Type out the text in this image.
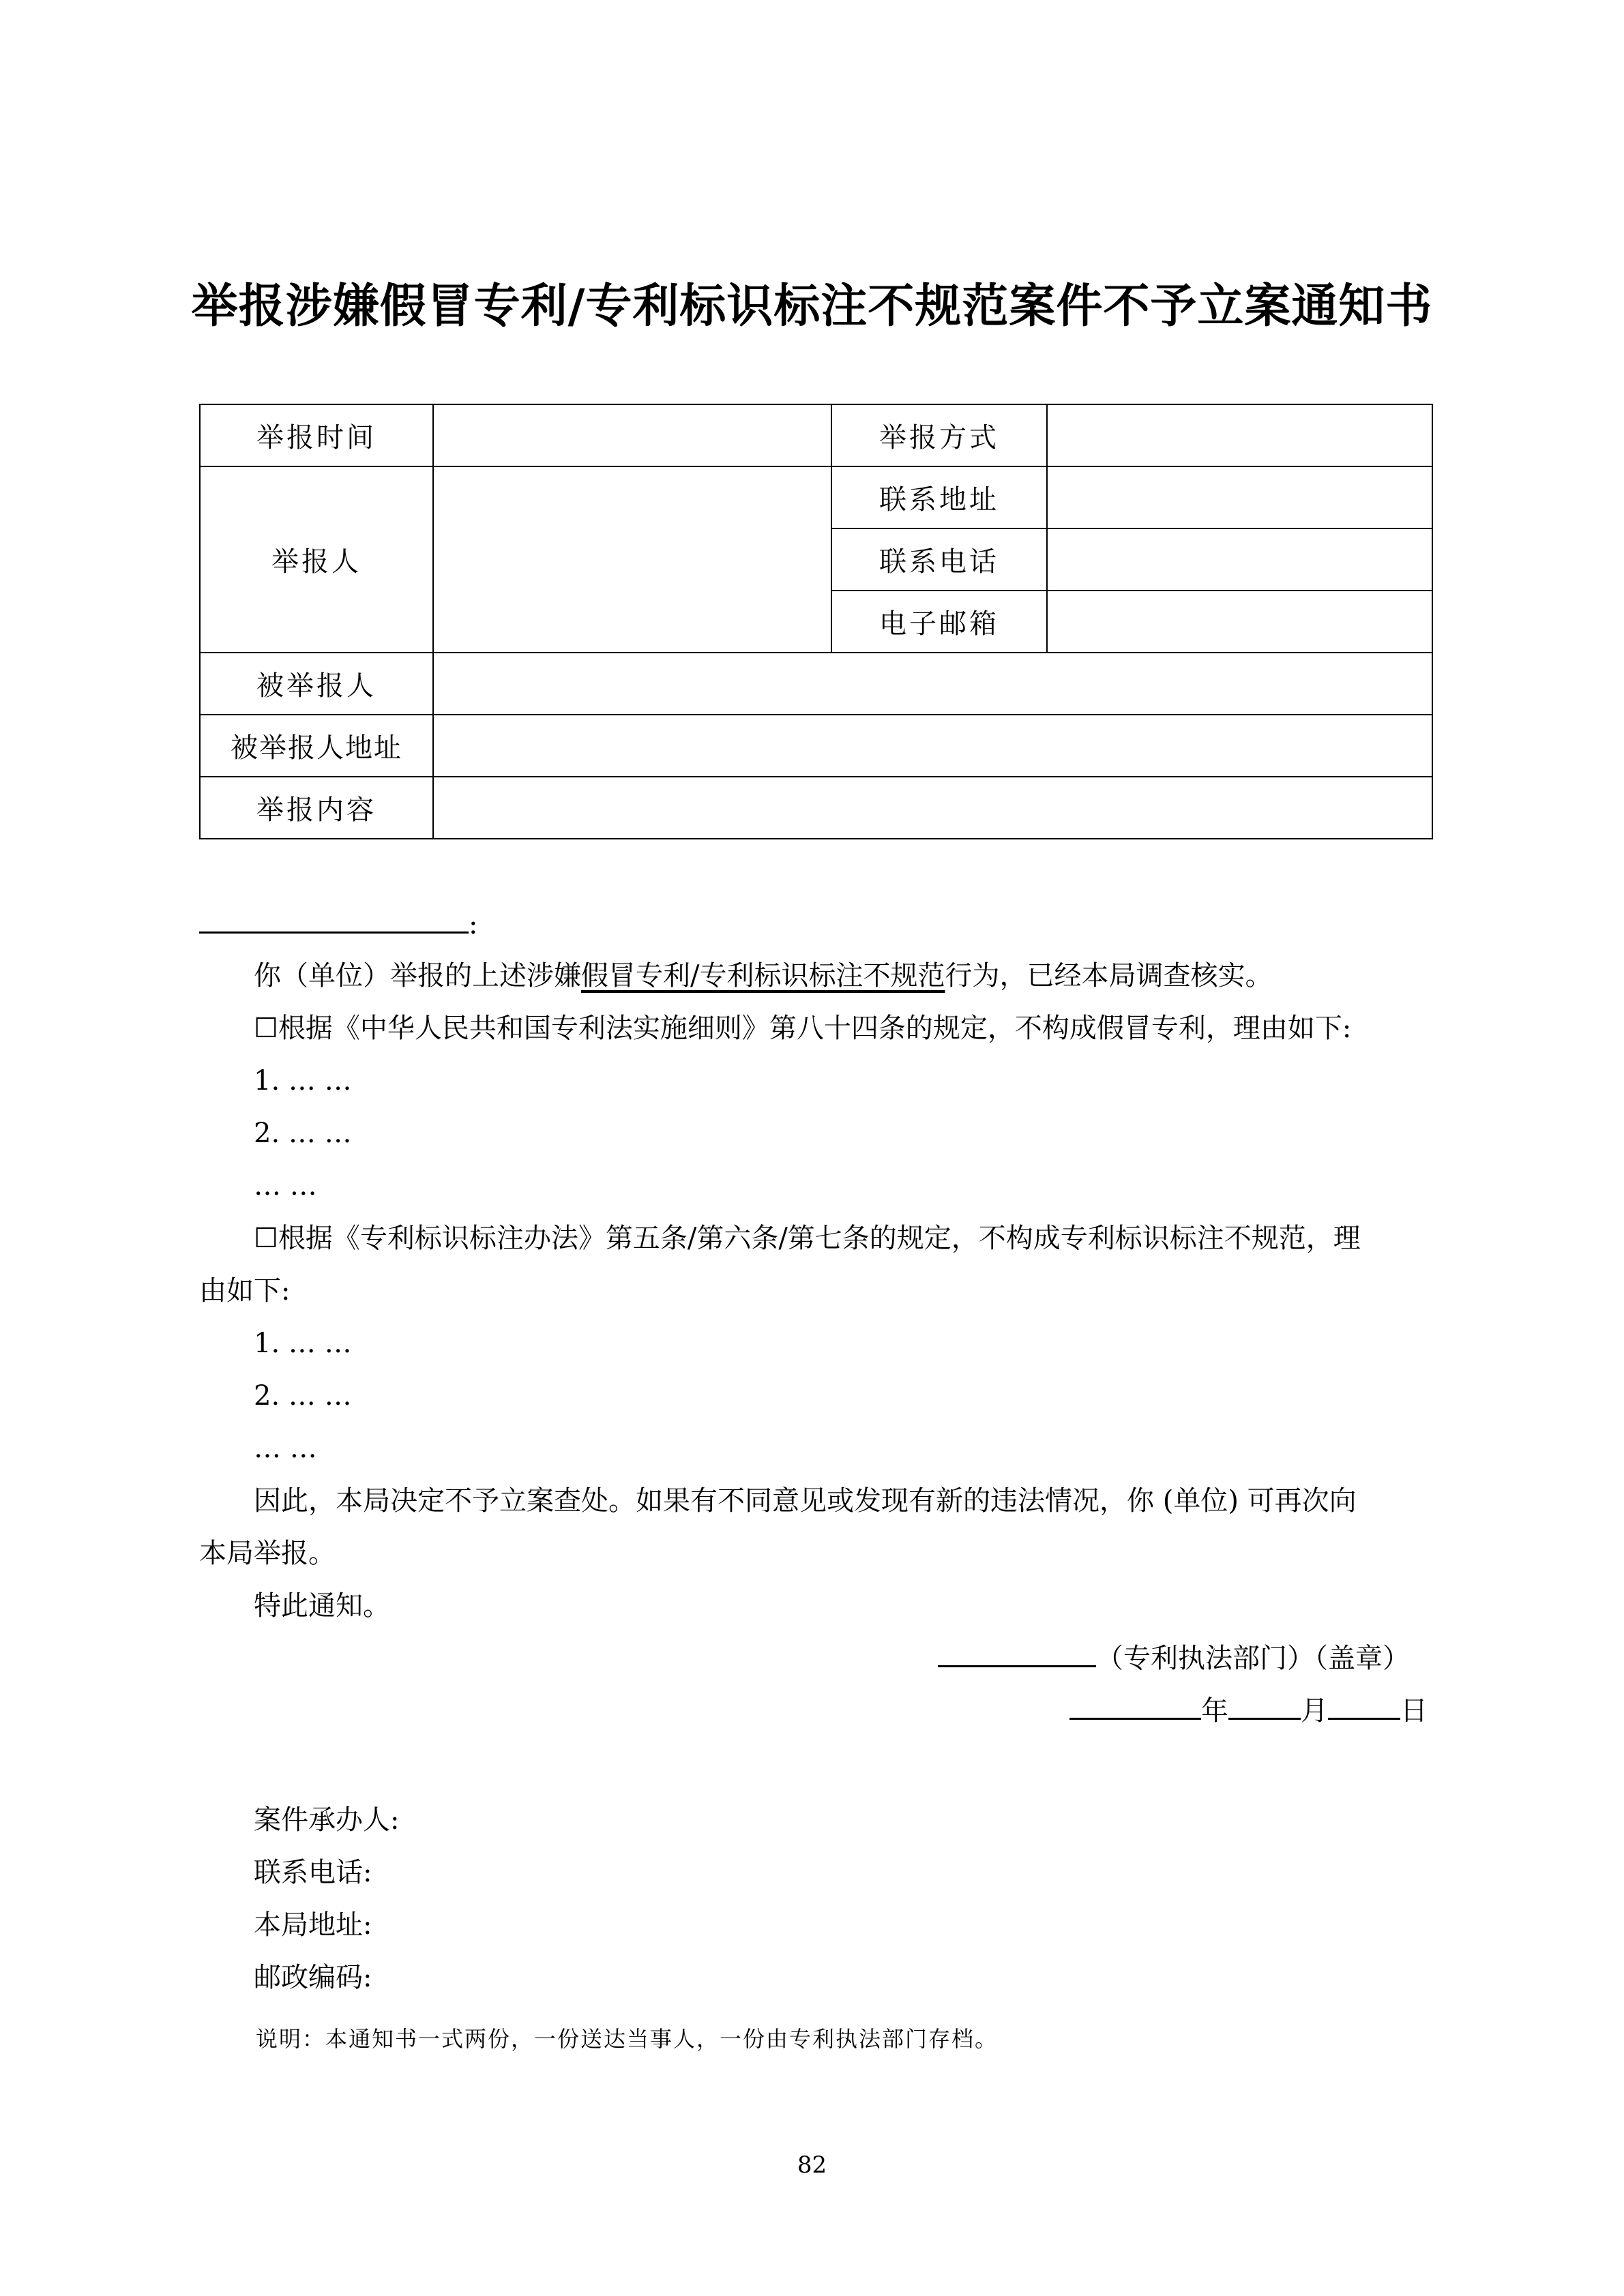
举报涉嫌假冒专利/专利标识标注不规范案件不予立案通知书
举报时间		举报方式	
举报人		联系地址	
		联系电话	
		电子邮箱	
被举报人			
被举报人地址			
举报内容			
:
你（单位）举报的上述涉嫌假冒专利/专利标识标注不规范行为，已经本局调查核实。
☐根据《中华人民共和国专利法实施细则》第八十四条的规定，不构成假冒专利，理由如下:
1. … …
2. … …
… …
☐根据《专利标识标注办法》第五条/第六条/第七条的规定，不构成专利标识标注不规范，理
由如下:
1. … …
2. … …
… …
因此，本局决定不予立案查处。如果有不同意见或发现有新的违法情况，你 (单位) 可再次向
本局举报。
特此通知。
（专利执法部门）（盖章）
年	月	日
案件承办人:
联系电话:
本局地址:
邮政编码:
说明：本通知书一式两份，一份送达当事人，一份由专利执法部门存档。
82
